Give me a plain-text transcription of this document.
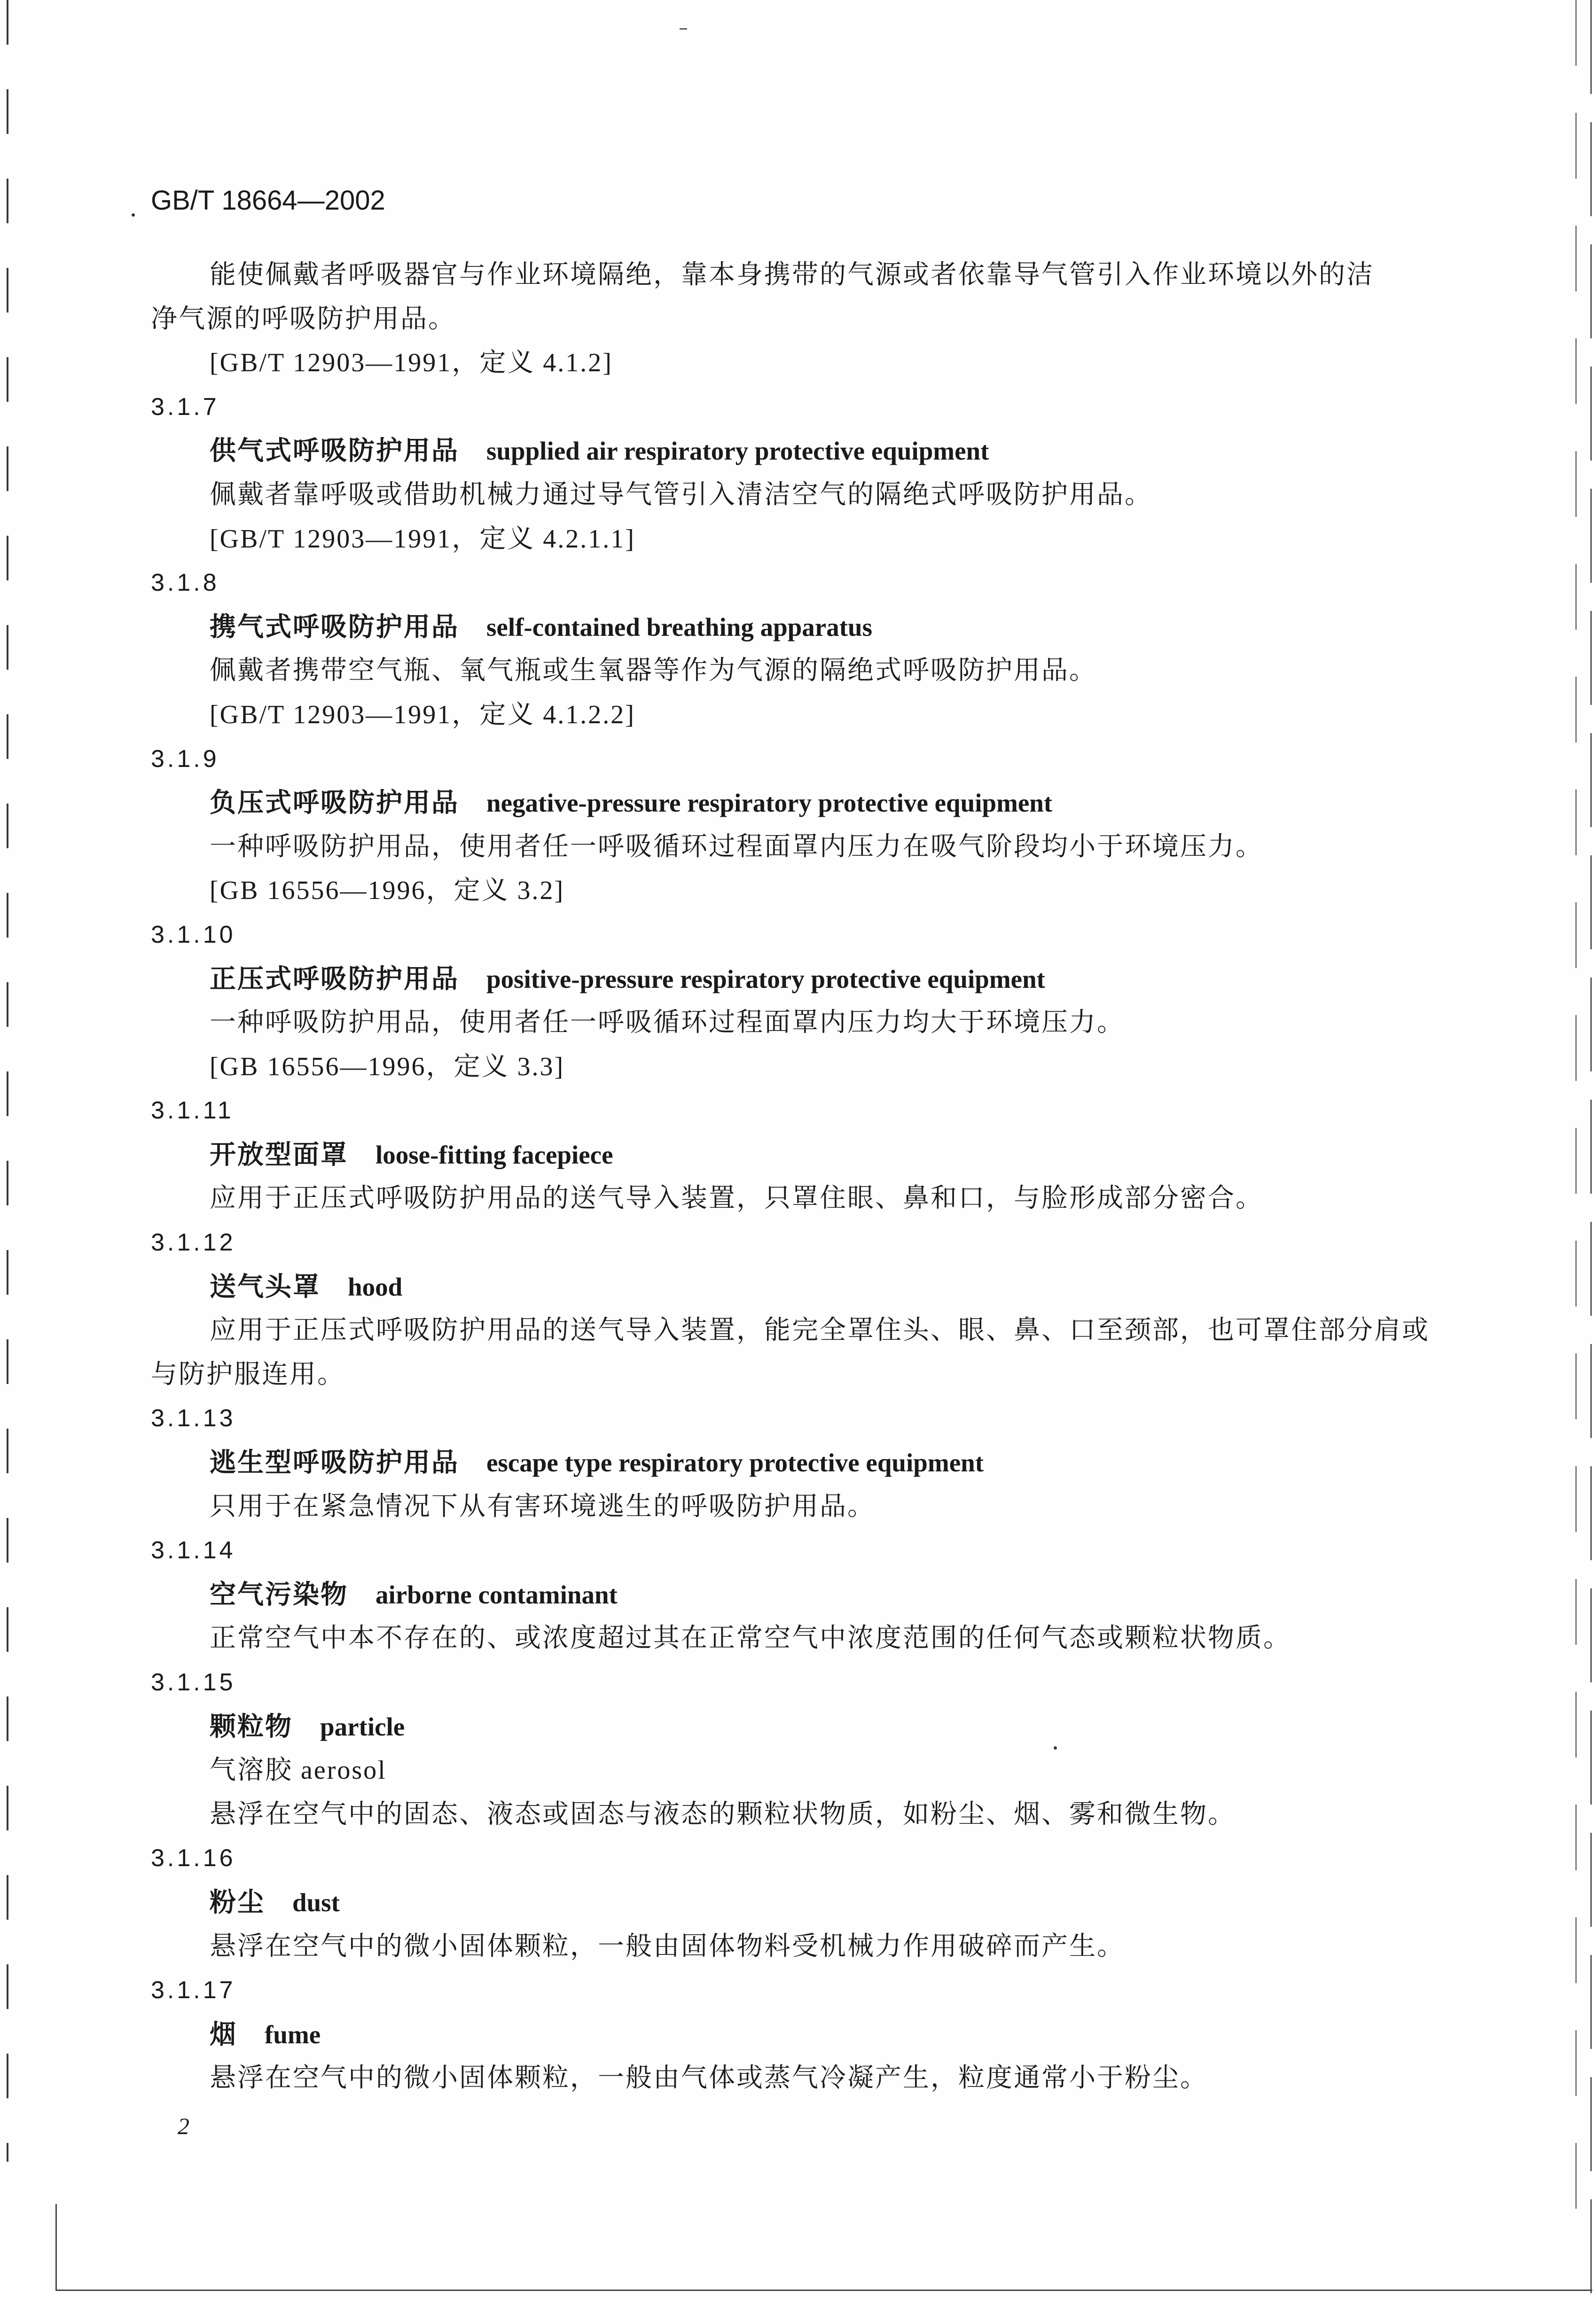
GB/T 18664—2002
能使佩戴者呼吸器官与作业环境隔绝，靠本身携带的气源或者依靠导气管引入作业环境以外的洁
净气源的呼吸防护用品。
[GB/T 12903—1991，定义 4.1.2]
3.1.7
供气式呼吸防护用品 supplied air respiratory protective equipment
佩戴者靠呼吸或借助机械力通过导气管引入清洁空气的隔绝式呼吸防护用品。
[GB/T 12903—1991，定义 4.2.1.1]
3.1.8
携气式呼吸防护用品 self-contained breathing apparatus
佩戴者携带空气瓶、氧气瓶或生氧器等作为气源的隔绝式呼吸防护用品。
[GB/T 12903—1991，定义 4.1.2.2]
3.1.9
负压式呼吸防护用品 negative-pressure respiratory protective equipment
一种呼吸防护用品，使用者任一呼吸循环过程面罩内压力在吸气阶段均小于环境压力。
[GB 16556—1996，定义 3.2]
3.1.10
正压式呼吸防护用品 positive-pressure respiratory protective equipment
一种呼吸防护用品，使用者任一呼吸循环过程面罩内压力均大于环境压力。
[GB 16556—1996，定义 3.3]
3.1.11
开放型面罩 loose-fitting facepiece
应用于正压式呼吸防护用品的送气导入装置，只罩住眼、鼻和口，与脸形成部分密合。
3.1.12
送气头罩 hood
应用于正压式呼吸防护用品的送气导入装置，能完全罩住头、眼、鼻、口至颈部，也可罩住部分肩或
与防护服连用。
3.1.13
逃生型呼吸防护用品 escape type respiratory protective equipment
只用于在紧急情况下从有害环境逃生的呼吸防护用品。
3.1.14
空气污染物 airborne contaminant
正常空气中本不存在的、或浓度超过其在正常空气中浓度范围的任何气态或颗粒状物质。
3.1.15
颗粒物 particle
气溶胶 aerosol
悬浮在空气中的固态、液态或固态与液态的颗粒状物质，如粉尘、烟、雾和微生物。
3.1.16
粉尘 dust
悬浮在空气中的微小固体颗粒，一般由固体物料受机械力作用破碎而产生。
3.1.17
烟 fume
悬浮在空气中的微小固体颗粒，一般由气体或蒸气冷凝产生，粒度通常小于粉尘。
2
